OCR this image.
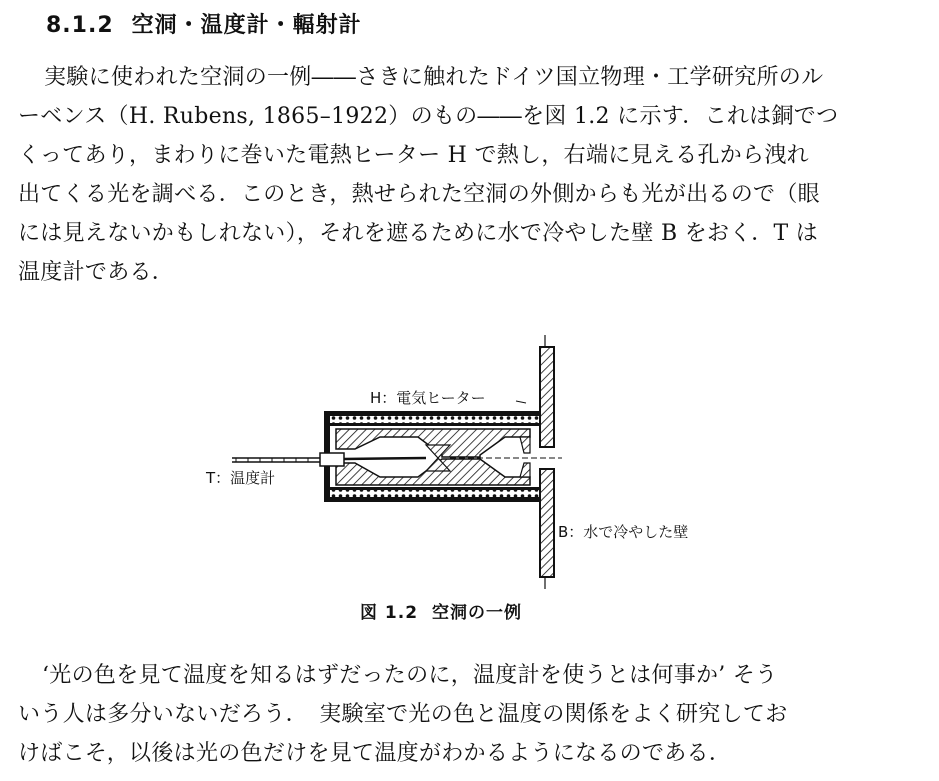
8.1.2 空洞・温度計・輻射計
実験に使われた空洞の一例――さきに触れたドイツ国立物理・工学研究所のル
ーベンス（H. Rubens, 1865–1922）のもの――を図 1.2 に示す．これは銅でつ
くってあり，まわりに巻いた電熱ヒーター H で熱し，右端に見える孔から洩れ
出てくる光を調べる．このとき，熱せられた空洞の外側からも光が出るので（眼
には見えないかもしれない），それを遮るために水で冷やした壁 B をおく．T は
温度計である．
H：電気ヒーター
T：温度計
B：水で冷やした壁
図 1.2 空洞の一例
‘光の色を見て温度を知るはずだったのに，温度計を使うとは何事か’ そう
いう人は多分いないだろう．　実験室で光の色と温度の関係をよく研究してお
けばこそ，以後は光の色だけを見て温度がわかるようになるのである．
